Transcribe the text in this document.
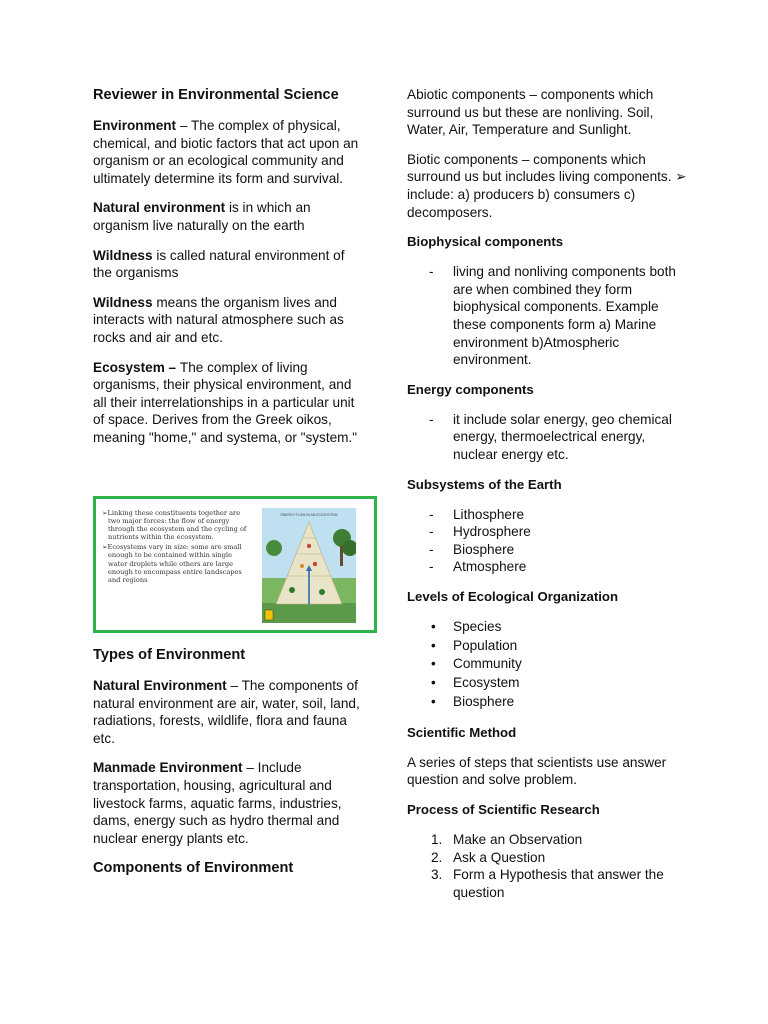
Reviewer in Environmental Science

Environment – The complex of physical, chemical, and biotic factors that act upon an organism or an ecological community and ultimately determine its form and survival.

Natural environment is in which an organism live naturally on the earth

Wildness is called natural environment of the organisms

Wildness means the organism lives and interacts with natural atmosphere such as rocks and air and etc.

Ecosystem – The complex of living organisms, their physical environment, and all their interrelationships in a particular unit of space. Derives from the Greek oikos, meaning "home," and systema, or "system."

➢Linking these constituents together are two major forces: the flow of energy through the ecosystem and the cycling of nutrients within the ecosystem.

➢Ecosystems vary in size: some are small enough to be contained within single water droplets while others are large enough to encompass entire landscapes and regions

ENERGY FLOW IN AN ECOSYSTEM

Types of Environment

Natural Environment – The components of natural environment are air, water, soil, land, radiations, forests, wildlife, flora and fauna etc.

Manmade Environment – Include transportation, housing, agricultural and livestock farms, aquatic farms, industries, dams, energy such as hydro thermal and nuclear energy plants etc.

Components of Environment

Abiotic components – components which surround us but these are nonliving. Soil, Water, Air, Temperature and Sunlight.

Biotic components – components which surround us but includes living components. ➢ include: a) producers b) consumers c) decomposers.

Biophysical components

- living and nonliving components both are when combined they form biophysical components. Example these components form a) Marine environment b)Atmospheric environment.

Energy components

- it include solar energy, geo chemical energy, thermoelectrical energy, nuclear energy etc.

Subsystems of the Earth

- Lithosphere
- Hydrosphere
- Biosphere
- Atmosphere

Levels of Ecological Organization

• Species
• Population
• Community
• Ecosystem
• Biosphere

Scientific Method

A series of steps that scientists use answer question and solve problem.

Process of Scientific Research

1. Make an Observation
2. Ask a Question
3. Form a Hypothesis that answer the question
